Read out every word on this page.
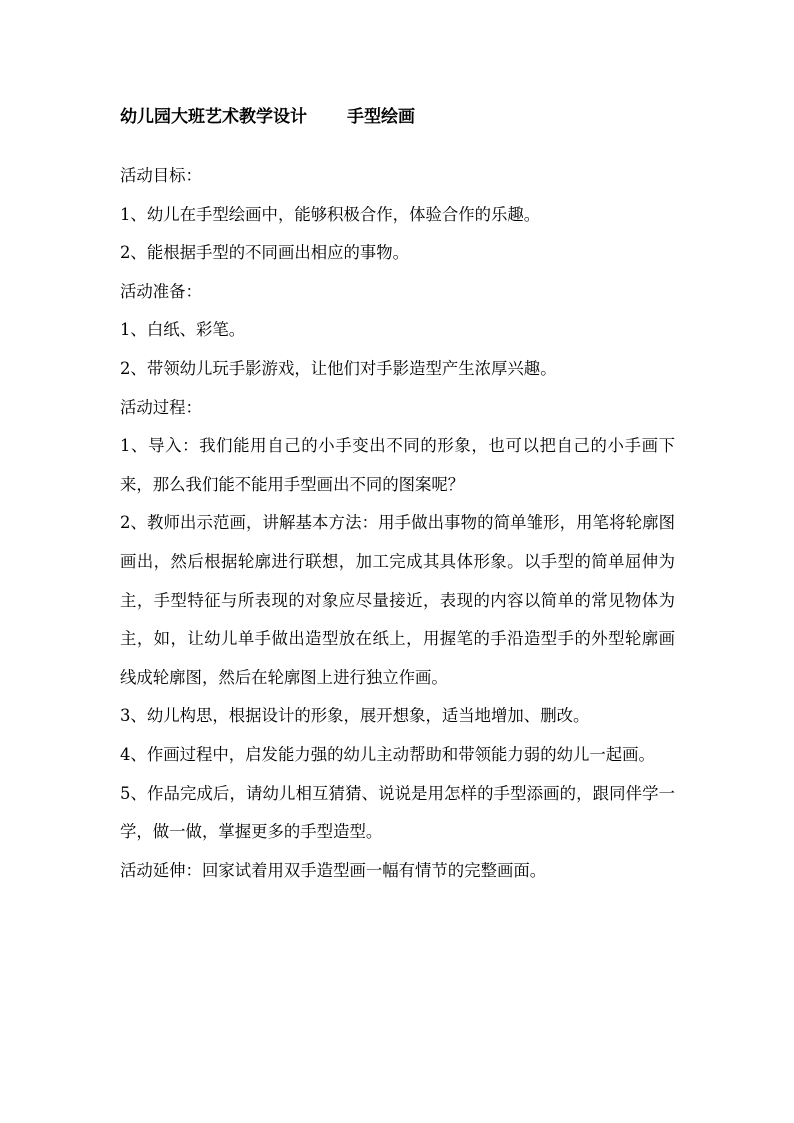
幼儿园大班艺术教学设计 手型绘画

活动目标：

1、幼儿在手型绘画中，能够积极合作，体验合作的乐趣。

2、能根据手型的不同画出相应的事物。

活动准备：

1、白纸、彩笔。

2、带领幼儿玩手影游戏，让他们对手影造型产生浓厚兴趣。

活动过程：

1、导入：我们能用自己的小手变出不同的形象，也可以把自己的小手画下来，那么我们能不能用手型画出不同的图案呢？

2、教师出示范画，讲解基本方法：用手做出事物的简单雏形，用笔将轮廓图画出，然后根据轮廓进行联想，加工完成其具体形象。以手型的简单屈伸为主，手型特征与所表现的对象应尽量接近，表现的内容以简单的常见物体为主，如，让幼儿单手做出造型放在纸上，用握笔的手沿造型手的外型轮廓画线成轮廓图，然后在轮廓图上进行独立作画。

3、幼儿构思，根据设计的形象，展开想象，适当地增加、删改。

4、作画过程中，启发能力强的幼儿主动帮助和带领能力弱的幼儿一起画。

5、作品完成后，请幼儿相互猜猜、说说是用怎样的手型添画的，跟同伴学一学，做一做，掌握更多的手型造型。

活动延伸：回家试着用双手造型画一幅有情节的完整画面。
